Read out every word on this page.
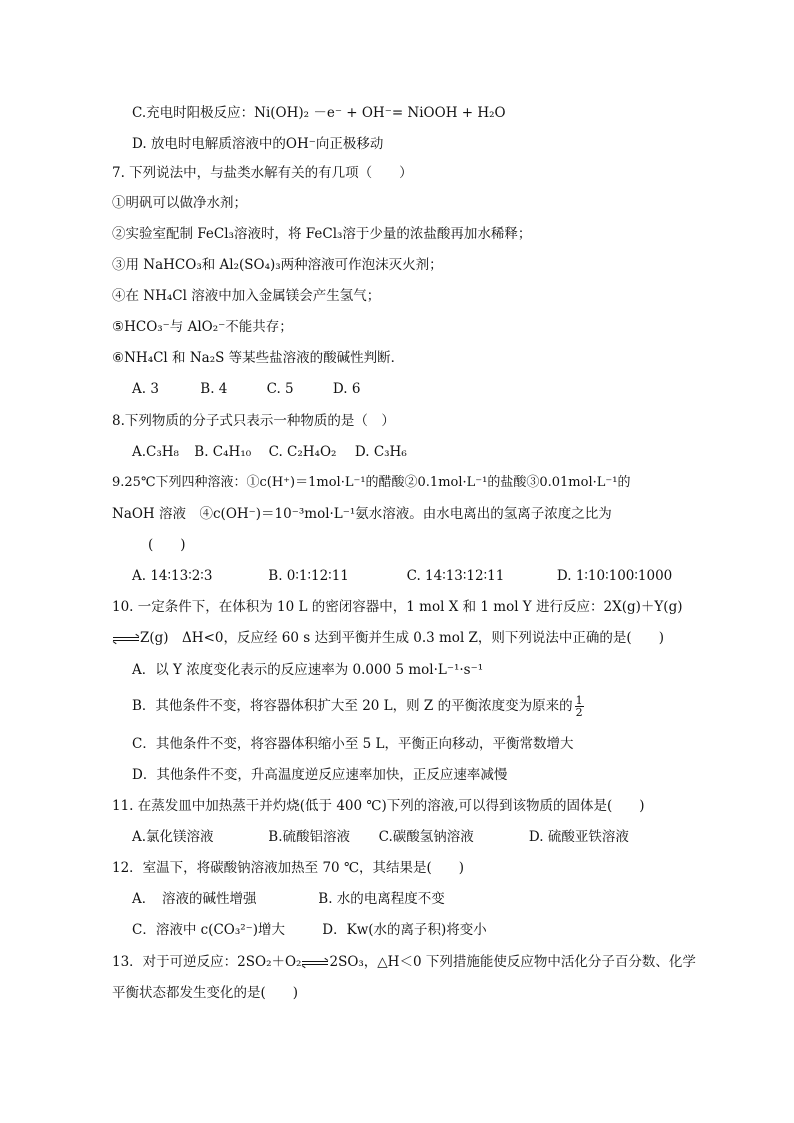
C.充电时阳极反应：Ni(OH)₂ －e⁻ + OH⁻= NiOOH + H₂O
D. 放电时电解质溶液中的OH⁻向正极移动
7. 下列说法中，与盐类水解有关的有几项（　　）
①明矾可以做净水剂；
②实验室配制 FeCl₃溶液时，将 FeCl₃溶于少量的浓盐酸再加水稀释；
③用 NaHCO₃和 Al₂(SO₄)₃两种溶液可作泡沫灭火剂；
④在 NH₄Cl 溶液中加入金属镁会产生氢气；
⑤HCO₃⁻与 AlO₂⁻不能共存；
⑥NH₄Cl 和 Na₂S 等某些盐溶液的酸碱性判断．
A. 3	B. 4	C. 5	D. 6
8.下列物质的分子式只表示一种物质的是（　）
A.C₃H₈ B. C₄H₁₀ C. C₂H₄O₂ D. C₃H₆
9.25℃下列四种溶液：①c(H⁺)＝1mol·L⁻¹的醋酸②0.1mol·L⁻¹的盐酸③0.01mol·L⁻¹的
NaOH 溶液　④c(OH⁻)＝10⁻³mol·L⁻¹氨水溶液。由水电离出的氢离子浓度之比为
(　　)
A. 14∶13∶2∶3	B. 0∶1∶12∶11	C. 14∶13∶12∶11	D. 1∶10∶100∶1000
10. 一定条件下，在体积为 10 L 的密闭容器中，1 mol X 和 1 mol Y 进行反应：2X(g)＋Y(g)
Z(g)　ΔH<0，反应经 60 s 达到平衡并生成 0.3 mol Z，则下列说法中正确的是(　　)
A．以 Y 浓度变化表示的反应速率为 0.000 5 mol·L⁻¹·s⁻¹
B．其他条件不变，将容器体积扩大至 20 L，则 Z 的平衡浓度变为原来的 $\frac{1}{2}$
C．其他条件不变，将容器体积缩小至 5 L，平衡正向移动，平衡常数增大
D．其他条件不变，升高温度逆反应速率加快，正反应速率减慢
11. 在蒸发皿中加热蒸干并灼烧(低于 400 ℃)下列的溶液,可以得到该物质的固体是(　　)
A.氯化镁溶液	B.硫酸铝溶液 C.碳酸氢钠溶液	D. 硫酸亚铁溶液
12．室温下，将碳酸钠溶液加热至 70 ℃，其结果是(　　)
A．　溶液的碱性增强	B. 水的电离程度不变
C．溶液中 c(CO₃²⁻)增大	D．Kw(水的离子积)将变小
13．对于可逆反应：2SO₂＋O₂ 2SO₃，△H＜0 下列措施能使反应物中活化分子百分数、化学
平衡状态都发生变化的是(　　)
